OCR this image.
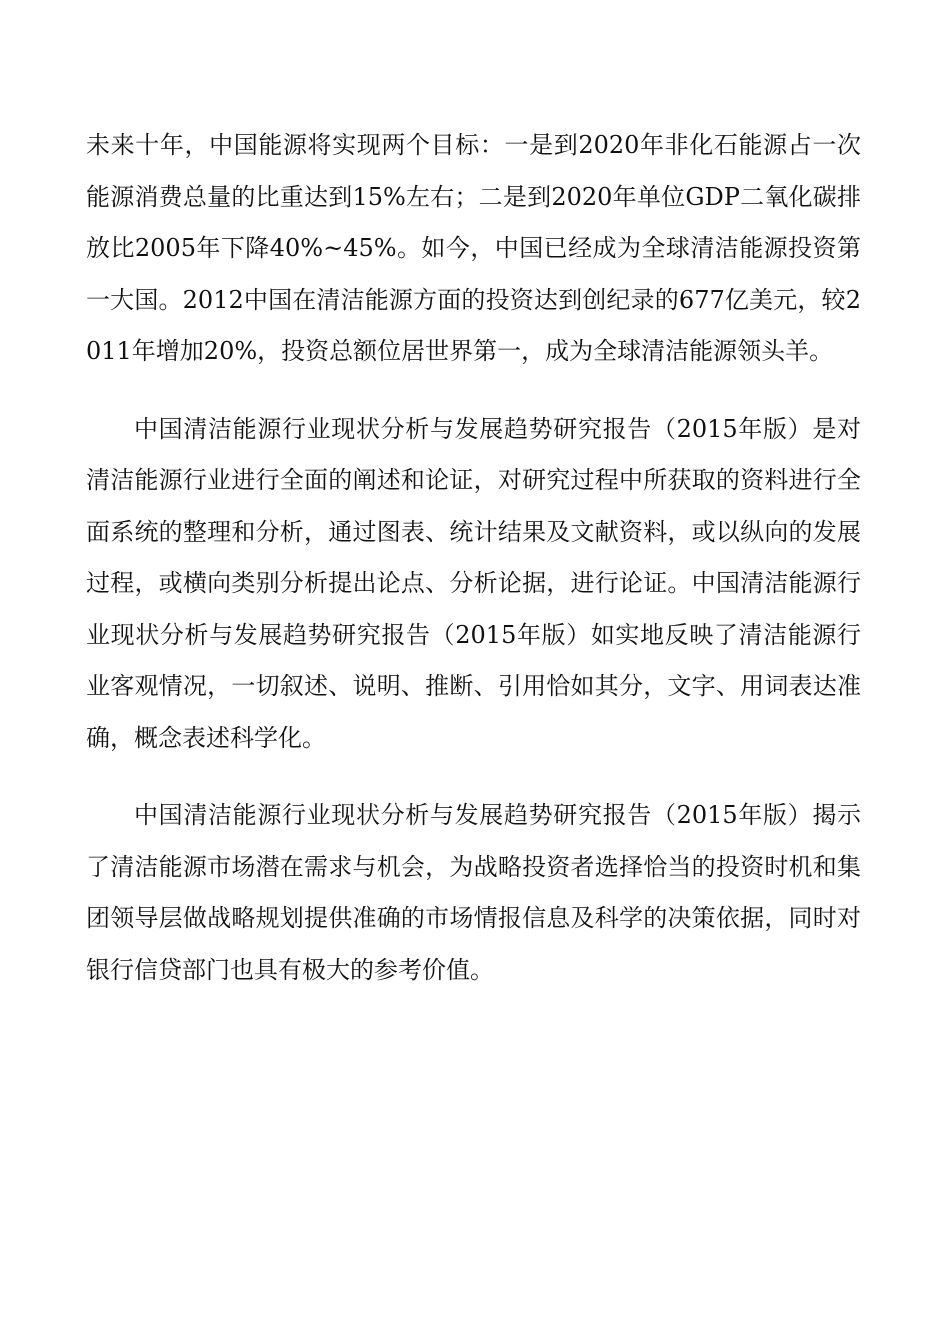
未来十年，中国能源将实现两个目标：一是到2020年非化石能源占一次能源消费总量的比重达到15%左右；二是到2020年单位GDP二氧化碳排放比2005年下降40%~45%。如今，中国已经成为全球清洁能源投资第一大国。2012中国在清洁能源方面的投资达到创纪录的677亿美元，较2011年增加20%，投资总额位居世界第一，成为全球清洁能源领头羊。

中国清洁能源行业现状分析与发展趋势研究报告（2015年版）是对清洁能源行业进行全面的阐述和论证，对研究过程中所获取的资料进行全面系统的整理和分析，通过图表、统计结果及文献资料，或以纵向的发展过程，或横向类别分析提出论点、分析论据，进行论证。中国清洁能源行业现状分析与发展趋势研究报告（2015年版）如实地反映了清洁能源行业客观情况，一切叙述、说明、推断、引用恰如其分，文字、用词表达准确，概念表述科学化。

中国清洁能源行业现状分析与发展趋势研究报告（2015年版）揭示了清洁能源市场潜在需求与机会，为战略投资者选择恰当的投资时机和集团领导层做战略规划提供准确的市场情报信息及科学的决策依据，同时对银行信贷部门也具有极大的参考价值。
